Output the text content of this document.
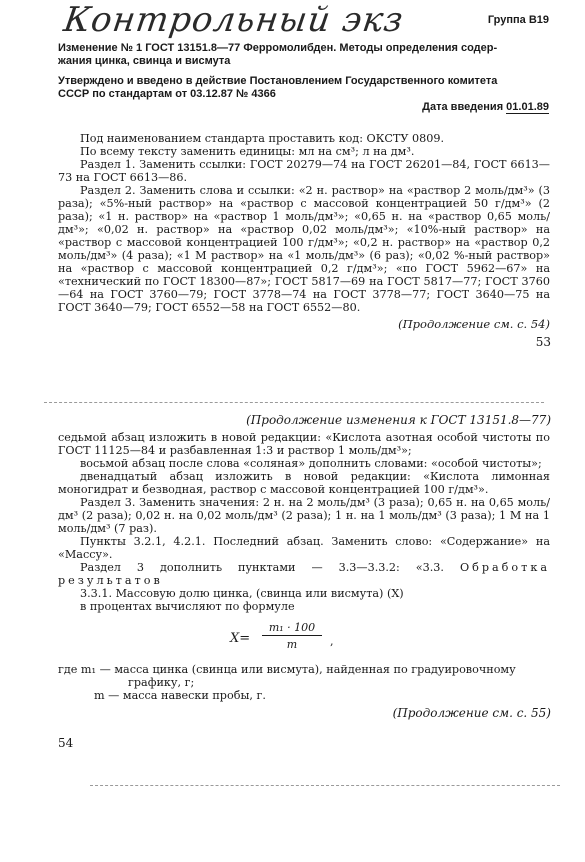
Контрольный экз	Группа В19
Изменение № 1 ГОСТ 13151.8—77 Ферромолибден. Методы определения содер-
жания цинка, свинца и висмута
Утверждено и введено в действие Постановлением Государственного комитета
СССР по стандартам от 03.12.87 № 4366
Дата введения 01.01.89

Под наименованием стандарта проставить код: ОКСТУ 0809.

По всему тексту заменить единицы: мл на см³; л на дм³.

Раздел 1. Заменить ссылки: ГОСТ 20279—74 на ГОСТ 26201—84, ГОСТ 6613—73 на ГОСТ 6613—86.

Раздел 2. Заменить слова и ссылки: «2 н. раствор» на «раствор 2 моль/дм³» (3 раза); «5%-ный раствор» на «раствор с массовой концентрацией 50 г/дм³» (2 раза); «1 н. раствор» на «раствор 1 моль/дм³»; «0,65 н. на «раствор 0,65 моль/дм³»; «0,02 н. раствор» на «раствор 0,02 моль/дм³»; «10%-ный раствор» на «раствор с массовой концентрацией 100 г/дм³»; «0,2 н. раствор» на «раствор 0,2 моль/дм³» (4 раза); «1 М раствор» на «1 моль/дм³» (6 раз); «0,02 %-ный раствор» на «раствор с массовой концентрацией 0,2 г/дм³»; «по ГОСТ 5962—67» на «технический по ГОСТ 18300—87»; ГОСТ 5817—69 на ГОСТ 5817—77; ГОСТ 3760—64 на ГОСТ 3760—79; ГОСТ 3778—74 на ГОСТ 3778—77; ГОСТ 3640—75 на ГОСТ 3640—79; ГОСТ 6552—58 на ГОСТ 6552—80.

(Продолжение см. с. 54)

53
(Продолжение изменения к ГОСТ 13151.8—77)

седьмой абзац изложить в новой редакции: «Кислота азотная особой чистоты по ГОСТ 11125—84 и разбавленная 1:3 и раствор 1 моль/дм³»;

восьмой абзац после слова «соляная» дополнить словами: «особой чистоты»;

двенадцатый абзац изложить в новой редакции: «Кислота лимонная моногидрат и безводная, раствор с массовой концентрацией 100 г/дм³».

Раздел 3. Заменить значения: 2 н. на 2 моль/дм³ (3 раза); 0,65 н. на 0,65 моль/дм³ (2 раза); 0,02 н. на 0,02 моль/дм³ (2 раза); 1 н. на 1 моль/дм³ (3 раза); 1 М на 1 моль/дм³ (7 раз).

Пункты 3.2.1, 4.2.1. Последний абзац. Заменить слово: «Содержание» на «Массу».

Раздел 3 дополнить пунктами — 3.3—3.3.2: «3.3. Обработка результатов

3.3.1. Массовую долю цинка, (свинца или висмута) (X)

в процентах вычисляют по формуле

$X= \frac{\text{m₁ · 100}}{m}$ ,

где m₁ — масса цинка (свинца или висмута), найденная по градуировочному

графику, г;

m — масса навески пробы, г.

(Продолжение см. с. 55)
54
